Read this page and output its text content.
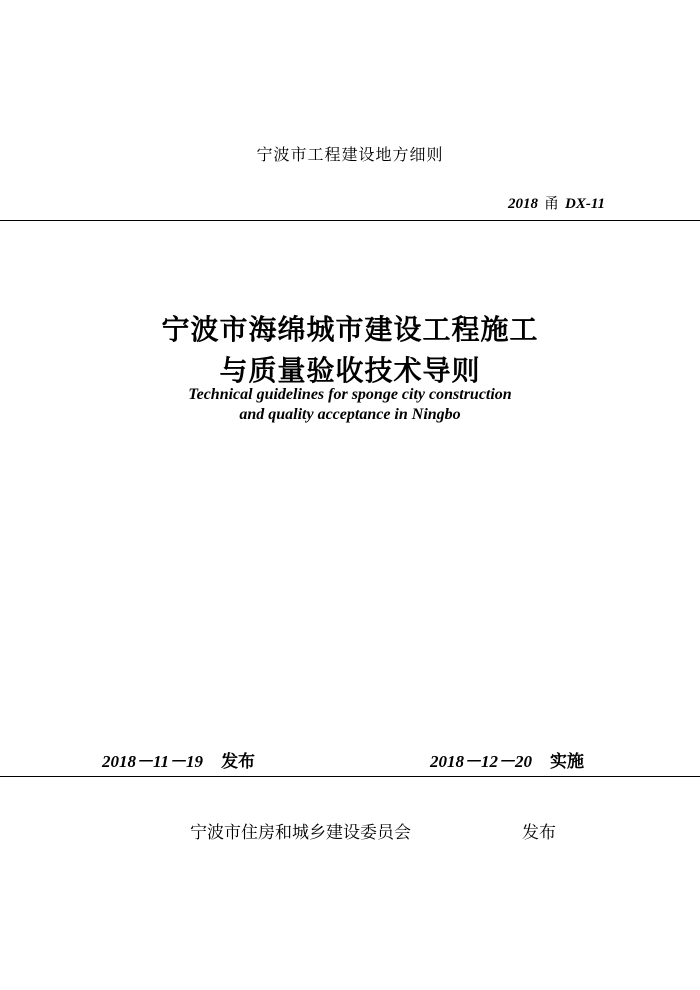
宁波市工程建设地方细则
2018 甬 DX-11
宁波市海绵城市建设工程施工
与质量验收技术导则
Technical guidelines for sponge city construction
and quality acceptance in Ningbo
2018－11－19 发布	2018－12－20 实施
宁波市住房和城乡建设委员会	发布
